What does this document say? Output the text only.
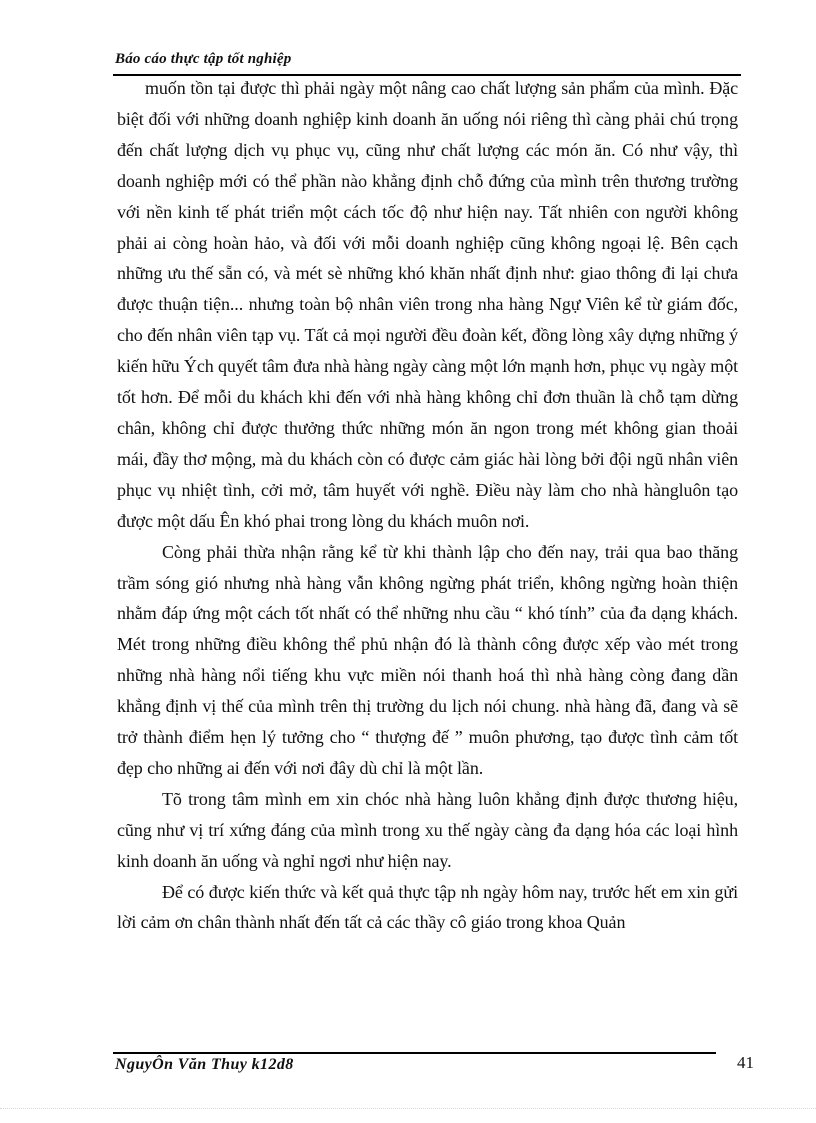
Báo cáo thực tập tốt nghiệp

muốn tồn tại được thì phải ngày một nâng cao chất lượng sản phẩm của mình. Đặc biệt đối với những doanh nghiệp kinh doanh ăn uống nói riêng thì càng phải chú trọng đến chất lượng dịch vụ phục vụ, cũng như chất lượng các món ăn. Có như vậy, thì doanh nghiệp mới có thể phần nào khẳng định chỗ đứng của mình trên thương trường với nền kinh tế phát triển một cách tốc độ như hiện nay. Tất nhiên con người không phải ai còng hoàn hảo, và đối với mỗi doanh nghiệp cũng không ngoại lệ. Bên cạch những ưu thế sẵn có, và mét sè những khó khăn nhất định như: giao thông đi lại chưa được thuận tiện... nhưng toàn bộ nhân viên trong nha hàng Ngự Viên kể từ giám đốc, cho đến nhân viên tạp vụ. Tất cả mọi người đều đoàn kết, đồng lòng xây dựng những ý kiến hữu Ých quyết tâm đưa nhà hàng ngày càng một lớn mạnh hơn, phục vụ ngày một tốt hơn. Để mỗi du khách khi đến với nhà hàng không chỉ đơn thuần là chỗ tạm dừng chân, không chỉ được thưởng thức những món ăn ngon trong mét không gian thoải mái, đầy thơ mộng, mà du khách còn có được cảm giác hài lòng bởi đội ngũ nhân viên phục vụ nhiệt tình, cởi mở, tâm huyết với nghề. Điều này làm cho nhà hàngluôn tạo được một dấu Ên khó phai trong lòng du khách muôn nơi.

Còng phải thừa nhận rằng kể từ khi thành lập cho đến nay, trải qua bao thăng trầm sóng gió nhưng nhà hàng vẫn không ngừng phát triển, không ngừng hoàn thiện nhằm đáp ứng một cách tốt nhất có thể những nhu cầu “ khó tính” của đa dạng khách. Mét trong những điều không thể phủ nhận đó là thành công được xếp vào mét trong những nhà hàng nổi tiếng khu vực miền nói thanh hoá thì nhà hàng còng đang dần khẳng định vị thế của mình trên thị trường du lịch nói chung. nhà hàng đã, đang và sẽ trở thành điểm hẹn lý tưởng cho “ thượng đế ” muôn phương, tạo được tình cảm tốt đẹp cho những ai đến với nơi đây dù chỉ là một lần.

Tõ trong tâm mình em xin chóc nhà hàng luôn khẳng định được thương hiệu, cũng như vị trí xứng đáng của mình trong xu thế ngày càng đa dạng hóa các loại hình kinh doanh ăn uống và nghỉ ngơi như hiện nay.

Để có được kiến thức và kết quả thực tập nh ngày hôm nay, trước hết em xin gửi lời cảm ơn chân thành nhất đến tất cả các thầy cô giáo trong khoa Quản

NguyÔn Văn Thuy k12d8	41
